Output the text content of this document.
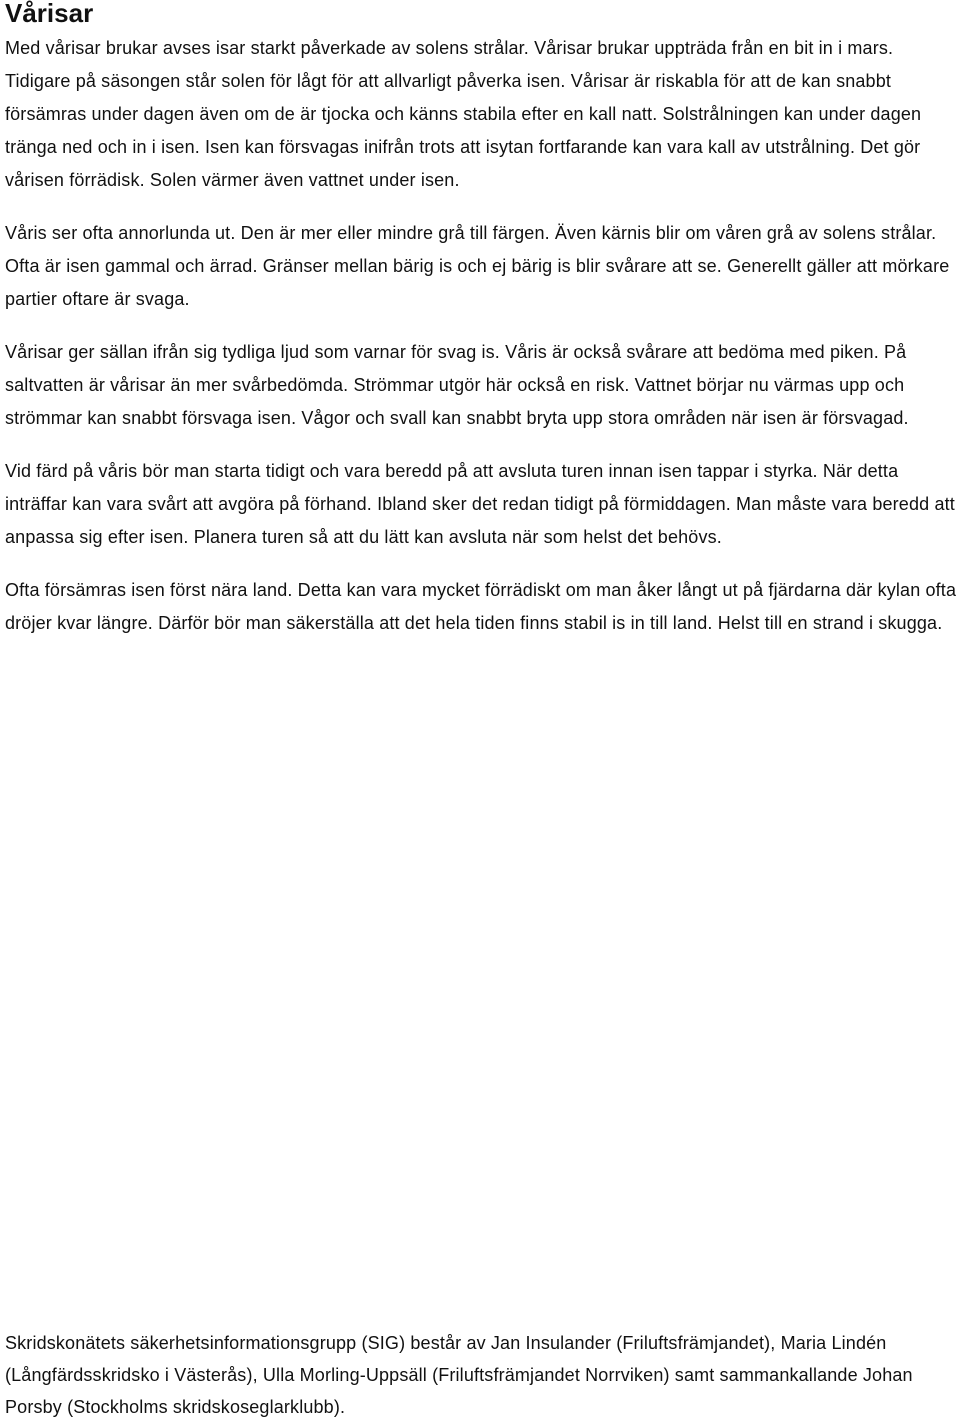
Vårisar

Med vårisar brukar avses isar starkt påverkade av solens strålar. Vårisar brukar uppträda från en bit in i mars. Tidigare på säsongen står solen för lågt för att allvarligt påverka isen. Vårisar är riskabla för att de kan snabbt försämras under dagen även om de är tjocka och känns stabila efter en kall natt. Solstrålningen kan under dagen tränga ned och in i isen. Isen kan försvagas inifrån trots att isytan fortfarande kan vara kall av utstrålning. Det gör vårisen förrädisk. Solen värmer även vattnet under isen.

Våris ser ofta annorlunda ut. Den är mer eller mindre grå till färgen. Även kärnis blir om våren grå av solens strålar. Ofta är isen gammal och ärrad. Gränser mellan bärig is och ej bärig is blir svårare att se. Generellt gäller att mörkare partier oftare är svaga.

Vårisar ger sällan ifrån sig tydliga ljud som varnar för svag is. Våris är också svårare att bedöma med piken. På saltvatten är vårisar än mer svårbedömda. Strömmar utgör här också en risk. Vattnet börjar nu värmas upp och strömmar kan snabbt försvaga isen. Vågor och svall kan snabbt bryta upp stora områden när isen är försvagad.

Vid färd på våris bör man starta tidigt och vara beredd på att avsluta turen innan isen tappar i styrka. När detta inträffar kan vara svårt att avgöra på förhand. Ibland sker det redan tidigt på förmiddagen. Man måste vara beredd att anpassa sig efter isen. Planera turen så att du lätt kan avsluta när som helst det behövs.

Ofta försämras isen först nära land. Detta kan vara mycket förrädiskt om man åker långt ut på fjärdarna där kylan ofta dröjer kvar längre. Därför bör man säkerställa att det hela tiden finns stabil is in till land. Helst till en strand i skugga.

Skridskonätets säkerhetsinformationsgrupp (SIG) består av Jan Insulander (Friluftsfrämjandet), Maria Lindén (Långfärdsskridsko i Västerås), Ulla Morling-Uppsäll (Friluftsfrämjandet Norrviken) samt sammankallande Johan Porsby (Stockholms skridskoseglarklubb).
